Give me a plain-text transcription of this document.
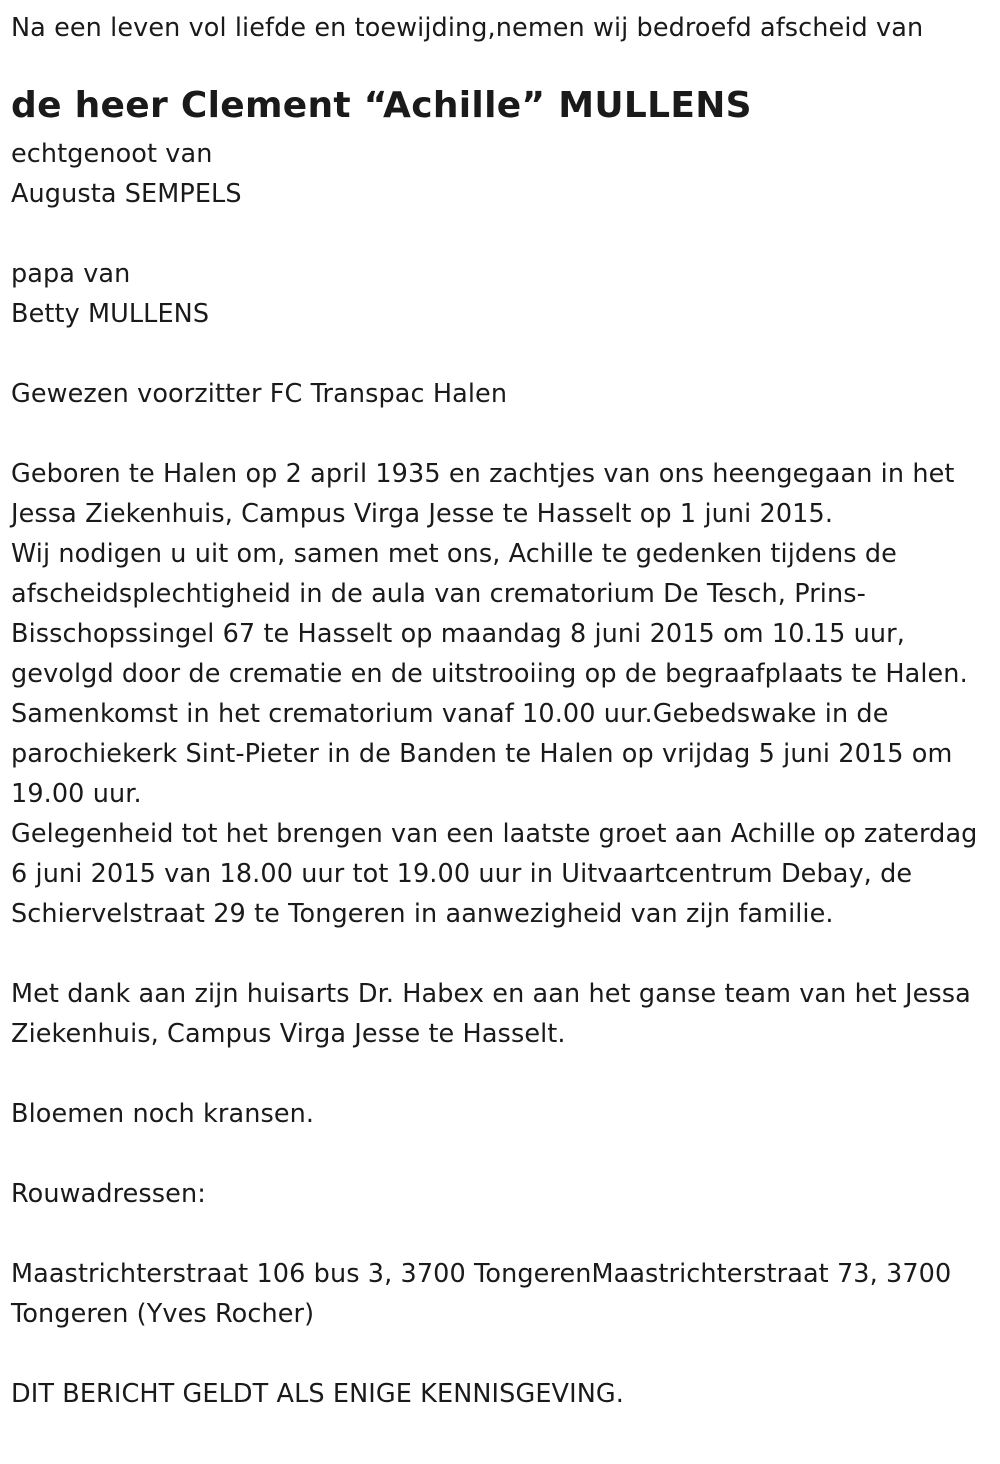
Na een leven vol liefde en toewijding,nemen wij bedroefd afscheid van
de heer Clement “Achille” MULLENS
echtgenoot van
Augusta SEMPELS
papa van
Betty MULLENS
Gewezen voorzitter FC Transpac Halen

Geboren te Halen op 2 april 1935 en zachtjes van ons heengegaan in het Jessa Ziekenhuis, Campus Virga Jesse te Hasselt op 1 juni 2015.

Wij nodigen u uit om, samen met ons, Achille te gedenken tijdens de afscheidsplechtigheid in de aula van crematorium De Tesch, Prins-Bisschopssingel 67 te Hasselt op maandag 8 juni 2015 om 10.15 uur, gevolgd door de crematie en de uitstrooiing op de begraafplaats te Halen. Samenkomst in het crematorium vanaf 10.00 uur.Gebedswake in de parochiekerk Sint-Pieter in de Banden te Halen op vrijdag 5 juni 2015 om 19.00 uur.

Gelegenheid tot het brengen van een laatste groet aan Achille op zaterdag 6 juni 2015 van 18.00 uur tot 19.00 uur in Uitvaartcentrum Debay, de Schiervelstraat 29 te Tongeren in aanwezigheid van zijn familie.

Met dank aan zijn huisarts Dr. Habex en aan het ganse team van het Jessa Ziekenhuis, Campus Virga Jesse te Hasselt.

Bloemen noch kransen.
Rouwadressen:

Maastrichterstraat 106 bus 3, 3700 TongerenMaastrichterstraat 73, 3700 Tongeren (Yves Rocher)

DIT BERICHT GELDT ALS ENIGE KENNISGEVING.
